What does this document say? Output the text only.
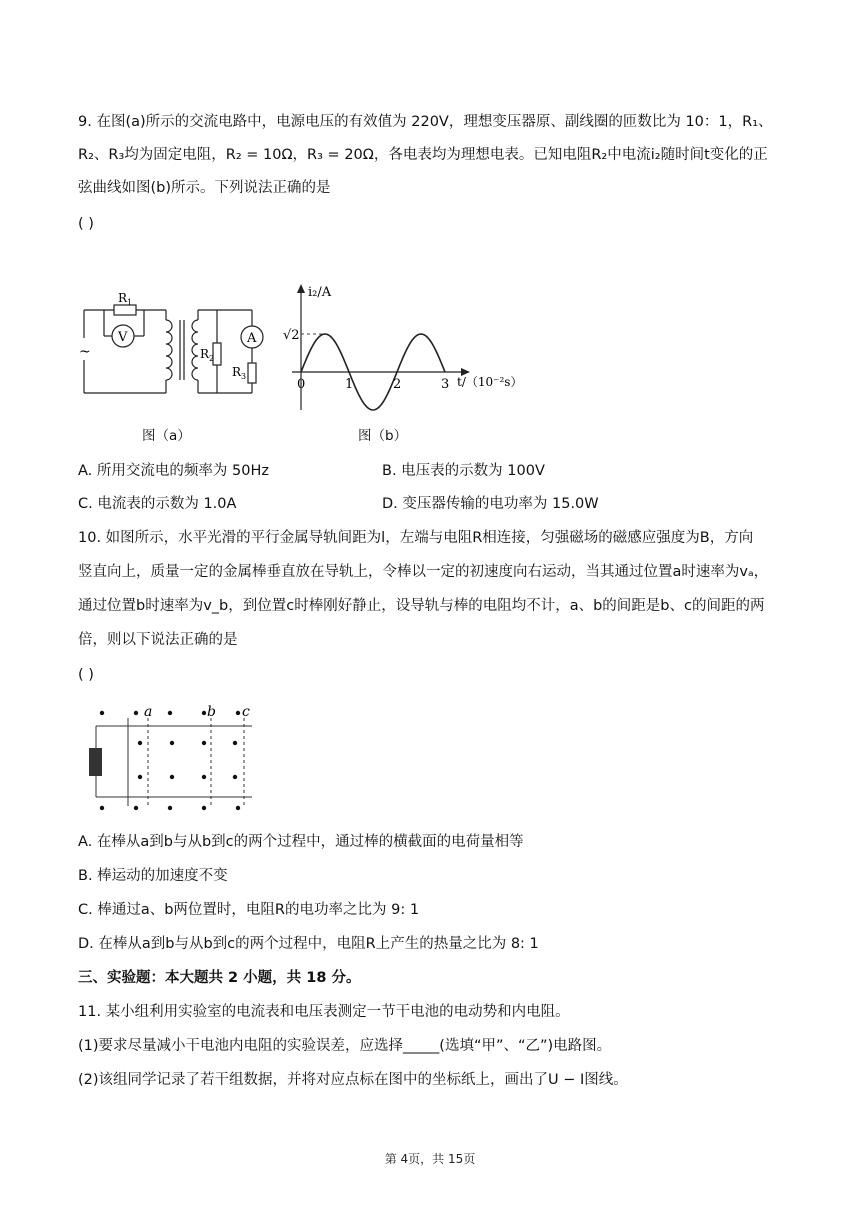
9. 在图(a)所示的交流电路中，电源电压的有效值为 220V，理想变压器原、副线圈的匝数比为 10：1，R₁、
R₂、R₃均为固定电阻，R₂ = 10Ω，R₃ = 20Ω，各电表均为理想电表。已知电阻R₂中电流i₂随时间t变化的正
弦曲线如图(b)所示。下列说法正确的是
( )
$R_1$
V
$R_2$
A
$R_3$
~
图（a）
0	1	2	3
i₂/A
t/（10⁻²s）
√2
图（b）
A. 所用交流电的频率为 50Hz	B. 电压表的示数为 100V
C. 电流表的示数为 1.0A	D. 变压器传输的电功率为 15.0W
10. 如图所示，水平光滑的平行金属导轨间距为l，左端与电阻R相连接，匀强磁场的磁感应强度为B，方向
竖直向上，质量一定的金属棒垂直放在导轨上，令棒以一定的初速度向右运动，当其通过位置a时速率为vₐ，
通过位置b时速率为v_b，到位置c时棒刚好静止，设导轨与棒的电阻均不计，a、b的间距是b、c的间距的两
倍，则以下说法正确的是
( )
a	b c
A. 在棒从a到b与从b到c的两个过程中，通过棒的横截面的电荷量相等
B. 棒运动的加速度不变
C. 棒通过a、b两位置时，电阻R的电功率之比为 9: 1
D. 在棒从a到b与从b到c的两个过程中，电阻R上产生的热量之比为 8: 1
三、实验题：本大题共 2 小题，共 18 分。
11. 某小组利用实验室的电流表和电压表测定一节干电池的电动势和内电阻。
(1)要求尽量减小干电池内电阻的实验误差，应选择_____(选填“甲”、“乙”)电路图。
(2)该组同学记录了若干组数据，并将对应点标在图中的坐标纸上，画出了U − I图线。
第 4页，共 15页
